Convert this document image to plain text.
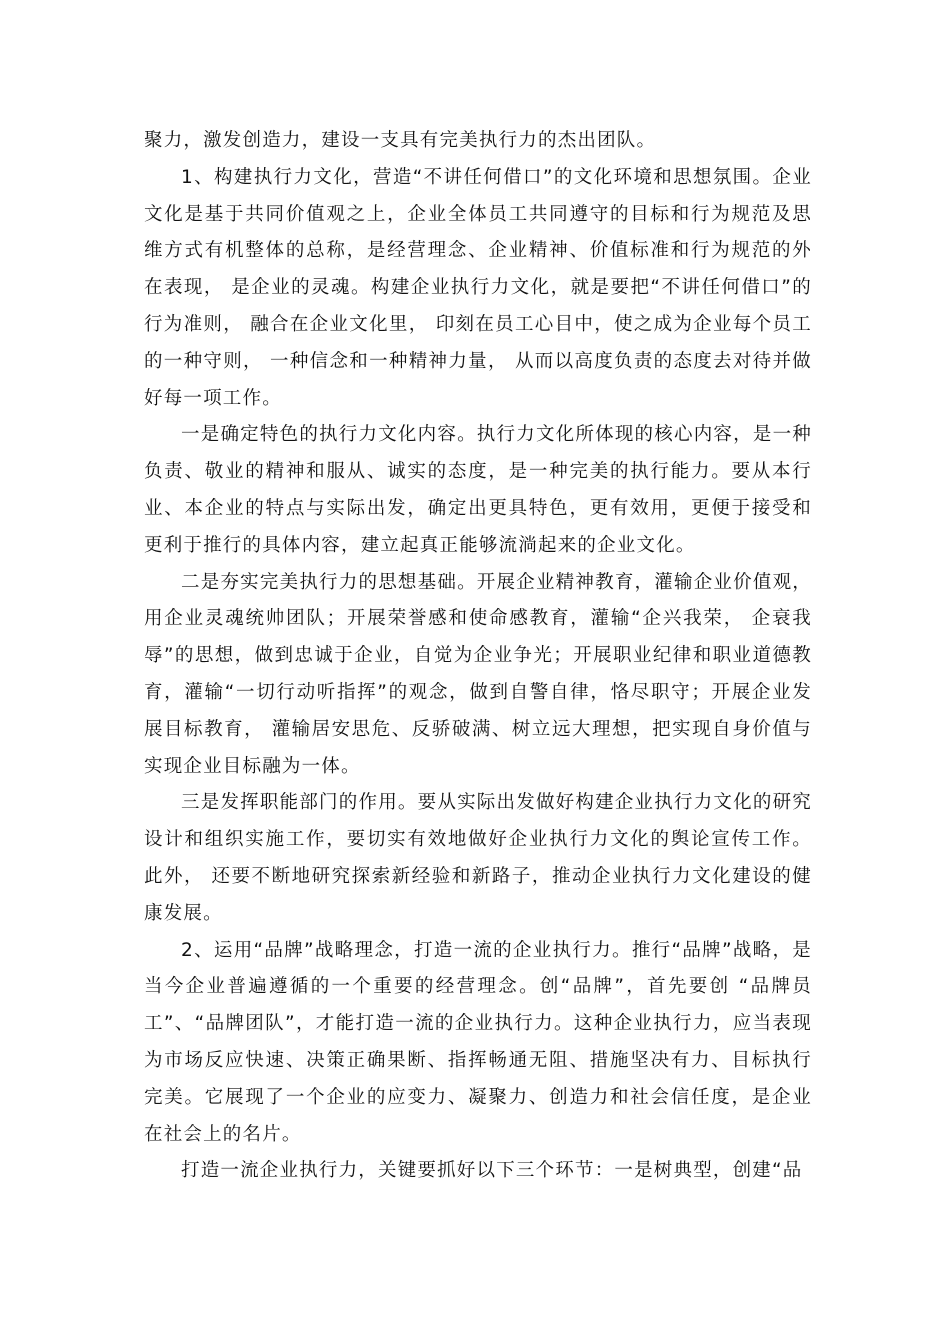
聚力，激发创造力，建设一支具有完美执行力的杰出团队。

1、构建执行力文化，营造“不讲任何借口”的文化环境和思想氛围。企业文化是基于共同价值观之上，企业全体员工共同遵守的目标和行为规范及思维方式有机整体的总称，是经营理念、企业精神、价值标准和行为规范的外在表现， 是企业的灵魂。构建企业执行力文化，就是要把“不讲任何借口”的行为准则， 融合在企业文化里， 印刻在员工心目中，使之成为企业每个员工的一种守则， 一种信念和一种精神力量， 从而以高度负责的态度去对待并做好每一项工作。

一是确定特色的执行力文化内容。执行力文化所体现的核心内容，是一种负责、敬业的精神和服从、诚实的态度，是一种完美的执行能力。要从本行业、本企业的特点与实际出发，确定出更具特色，更有效用，更便于接受和更利于推行的具体内容，建立起真正能够流淌起来的企业文化。

二是夯实完美执行力的思想基础。开展企业精神教育，灌输企业价值观，用企业灵魂统帅团队；开展荣誉感和使命感教育，灌输“企兴我荣， 企衰我辱”的思想，做到忠诚于企业，自觉为企业争光；开展职业纪律和职业道德教育，灌输“一切行动听指挥”的观念，做到自警自律，恪尽职守；开展企业发展目标教育， 灌输居安思危、反骄破满、树立远大理想，把实现自身价值与实现企业目标融为一体。

三是发挥职能部门的作用。要从实际出发做好构建企业执行力文化的研究设计和组织实施工作，要切实有效地做好企业执行力文化的舆论宣传工作。此外， 还要不断地研究探索新经验和新路子，推动企业执行力文化建设的健康发展。

2、运用“品牌”战略理念，打造一流的企业执行力。推行“品牌”战略，是当今企业普遍遵循的一个重要的经营理念。创“品牌”，首先要创 “品牌员工”、“品牌团队”，才能打造一流的企业执行力。这种企业执行力，应当表现为市场反应快速、决策正确果断、指挥畅通无阻、措施坚决有力、目标执行完美。它展现了一个企业的应变力、凝聚力、创造力和社会信任度，是企业在社会上的名片。

打造一流企业执行力，关键要抓好以下三个环节：一是树典型，创建“品
